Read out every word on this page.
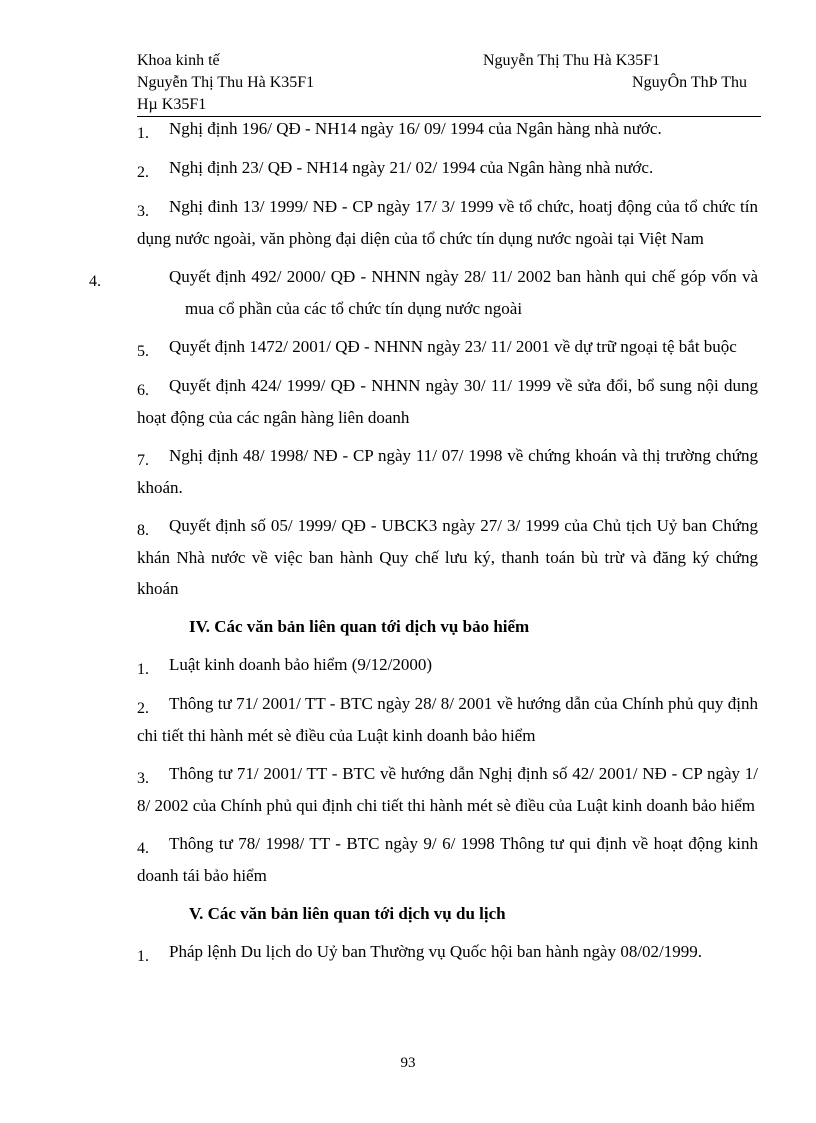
Khoa kinh tế	Nguyễn Thị Thu Hà K35F1
Nguyễn Thị Thu Hà K35F1	NguyÔn ThÞ Thu
Hµ K35F1

1. Nghị định 196/ QĐ - NH14 ngày 16/ 09/ 1994 của Ngân hàng nhà nước.

2. Nghị định 23/ QĐ - NH14 ngày 21/ 02/ 1994 của Ngân hàng nhà nước.

3. Nghị đinh 13/ 1999/ NĐ - CP ngày 17/ 3/ 1999 về tổ chức, hoatj động của tổ chức tín dụng nước ngoài, văn phòng đại diện của tổ chức tín dụng nước ngoài tại Việt Nam

4.	Quyết định 492/ 2000/ QĐ - NHNN ngày 28/ 11/ 2002 ban hành qui chế góp vốn và mua cổ phần của các tổ chức tín dụng nước ngoài

5. Quyết định 1472/ 2001/ QĐ - NHNN ngày 23/ 11/ 2001 về dự trữ ngoại tệ bắt buộc

6. Quyết định 424/ 1999/ QĐ - NHNN ngày 30/ 11/ 1999 về sửa đổi, bổ sung nội dung hoạt động của các ngân hàng liên doanh

7. Nghị định 48/ 1998/ NĐ - CP ngày 11/ 07/ 1998 về chứng khoán và thị trường chứng khoán.

8. Quyết định số 05/ 1999/ QĐ - UBCK3 ngày 27/ 3/ 1999 của Chủ tịch Uỷ ban Chứng khán Nhà nước về việc ban hành Quy chế lưu ký, thanh toán bù trừ và đăng ký chứng khoán

IV. Các văn bản liên quan tới dịch vụ bảo hiểm

1. Luật kinh doanh bảo hiểm (9/12/2000)

2. Thông tư 71/ 2001/ TT - BTC ngày 28/ 8/ 2001 về hướng dẫn của Chính phủ quy định chi tiết thi hành mét sè điều của Luật kinh doanh bảo hiểm

3. Thông tư 71/ 2001/ TT - BTC về hướng dẫn Nghị định số 42/ 2001/ NĐ - CP ngày 1/ 8/ 2002 của Chính phủ qui định chi tiết thi hành mét sè điều của Luật kinh doanh bảo hiểm

4. Thông tư 78/ 1998/ TT - BTC ngày 9/ 6/ 1998 Thông tư qui định về hoạt động kinh doanh tái bảo hiểm

V. Các văn bản liên quan tới dịch vụ du lịch

1. Pháp lệnh Du lịch do Uỷ ban Thường vụ Quốc hội ban hành ngày 08/02/1999.

93
